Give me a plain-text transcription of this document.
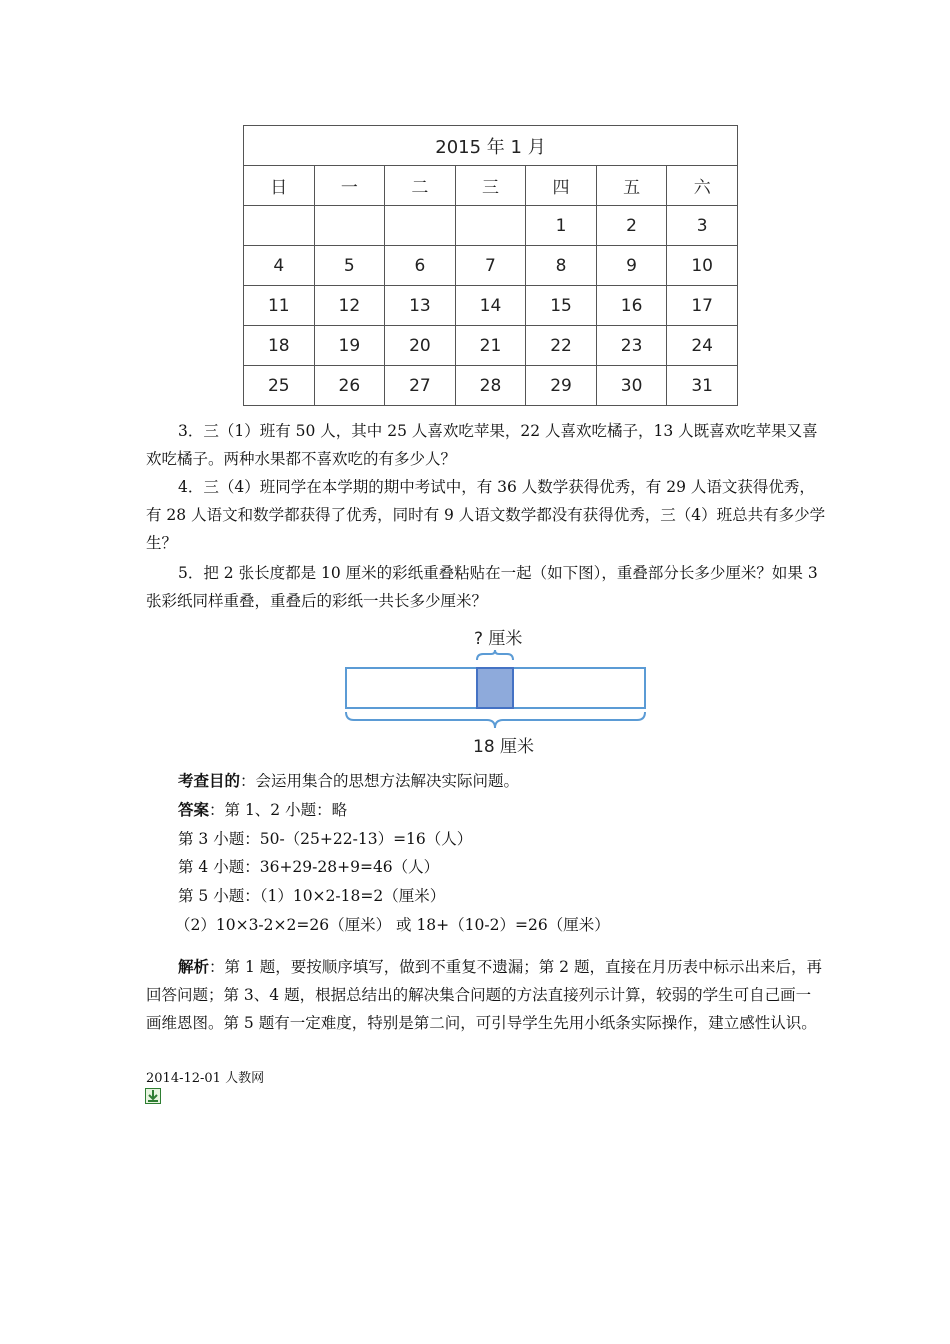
2015 年 1 月						
日	一	二	三	四	五	六
				1	2	3
4	5	6	7	8	9	10
11	12	13	14	15	16	17
18	19	20	21	22	23	24
25	26	27	28	29	30	31
3．三（1）班有 50 人，其中 25 人喜欢吃苹果，22 人喜欢吃橘子，13 人既喜欢吃苹果又喜欢吃橘子。两种水果都不喜欢吃的有多少人？
4．三（4）班同学在本学期的期中考试中，有 36 人数学获得优秀，有 29 人语文获得优秀，有 28 人语文和数学都获得了优秀，同时有 9 人语文数学都没有获得优秀，三（4）班总共有多少学生？
5．把 2 张长度都是 10 厘米的彩纸重叠粘贴在一起（如下图），重叠部分长多少厘米？如果 3 张彩纸同样重叠，重叠后的彩纸一共长多少厘米？
? 厘米
18 厘米
考查目的：会运用集合的思想方法解决实际问题。
答案：第 1、2 小题：略
第 3 小题：50-（25+22-13）=16（人）
第 4 小题：36+29-28+9=46（人）
第 5 小题：（1）10×2-18=2（厘米）
（2）10×3-2×2=26（厘米） 或 18+（10-2）=26（厘米）
解析：第 1 题，要按顺序填写，做到不重复不遗漏；第 2 题，直接在月历表中标示出来后，再回答问题；第 3、4 题，根据总结出的解决集合问题的方法直接列示计算，较弱的学生可自己画一画维恩图。第 5 题有一定难度，特别是第二问，可引导学生先用小纸条实际操作，建立感性认识。
2014-12-01 人教网
